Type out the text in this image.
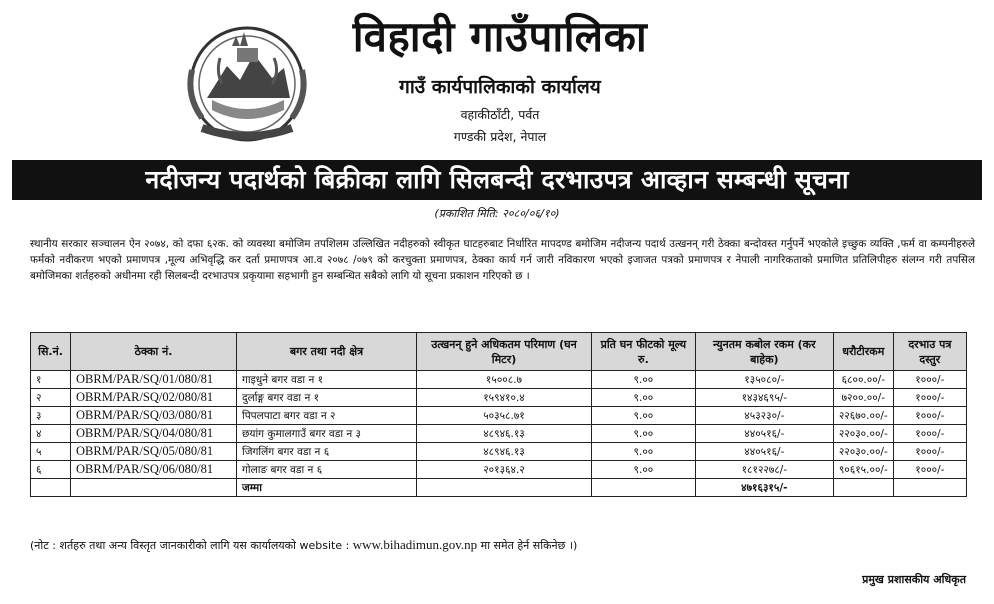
विहादी गाउँपालिका
गाउँ कार्यपालिकाको कार्यालय
वहाकीठाँटी, पर्वत
गण्डकी प्रदेश, नेपाल
नदीजन्य पदार्थको बिक्रीका लागि सिलबन्दी दरभाउपत्र आव्हान सम्बन्धी सूचना
(प्रकाशित मिति: २०८०/०६/१०)
स्थानीय सरकार सञ्चालन ऐन २०७४, को दफा ६२क. को व्यवस्था बमोजिम तपशिलम उल्लिखित नदीहरुको स्वीकृत घाटहरुबाट निर्धारित मापदण्ड बमोजिम नदीजन्य पदार्थ उत्खनन् गरी ठेक्का बन्दोवस्त गर्नुपर्ने भएकोले इच्छुक व्यक्ति ,फर्म वा कम्पनीहरुले फर्मको नवीकरण भएको प्रमाणपत्र ,मूल्य अभिवृद्धि कर दर्ता प्रमाणपत्र आ.व २०७८ /०७९ को करचुक्ता प्रमाणपत्र, ठेक्का कार्य गर्न जारी नविकारण भएको इजाजत पत्रको प्रमाणपत्र र नेपाली नागरिकताको प्रमाणित प्रतिलिपीहरु संलग्न गरी तपसिल बमोजिमका शर्तहरुको अधीनमा रही सिलबन्दी दरभाउपत्र प्रकृयामा सहभागी हुन सम्बन्धित सबैको लागि यो सूचना प्रकाशन गरिएको छ ।
सि.नं.	ठेक्का नं.	बगर तथा नदी क्षेत्र	उत्खनन् हुने अधिकतम परिमाण (घन मिटर)	प्रति घन फीटको मूल्य रु.	न्युनतम कबोल रकम (कर बाहेक)	धरौटीरकम	दरभाउ पत्र दस्तुर
१	OBRM/PAR/SQ/01/080/81	गाइधुने बगर वडा न १	१५००८.७	९.००	१३५०८०/-	६८००.००/-	१०००/-
२	OBRM/PAR/SQ/02/080/81	दुर्लाङ्ग बगर वडा न १	१५९४१०.४	९.००	१४३४६९५/-	७२००.००/-	१०००/-
३	OBRM/PAR/SQ/03/080/81	पिपलपाटा बगर वडा न २	५०३५८.७१	९.००	४५३२३०/-	२२६७०.००/-	१०००/-
४	OBRM/PAR/SQ/04/080/81	छयांग कुमालगाउँ बगर वडा न ३	४८९४६.१३	९.००	४४०५१६/-	२२०३०.००/-	१०००/-
५	OBRM/PAR/SQ/05/080/81	जिगलिंग बगर वडा न ६	४८९४६.१३	९.००	४४०५१६/-	२२०३०.००/-	१०००/-
६	OBRM/PAR/SQ/06/080/81	गोलाङ बगर वडा न ६	२०१३६४.२	९.००	१८१२२७८/-	९०६१५.००/-	१०००/-
		जम्मा			४७१६३१५/-		
(नोट : शर्तहरु तथा अन्य विस्तृत जानकारीको लागि यस कार्यालयको website : www.bihadimun.gov.np मा समेत हेर्न सकिनेछ ।)
प्रमुख प्रशासकीय अधिकृत
